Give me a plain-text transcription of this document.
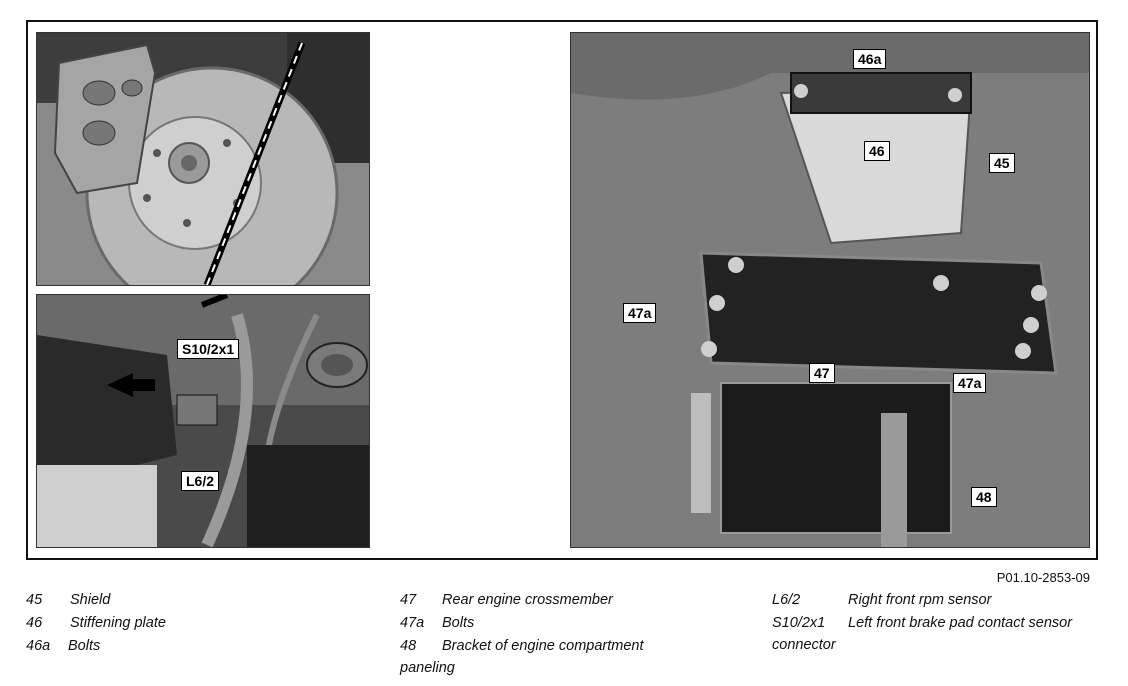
S10/2x1
L6/2
46a
46
45
47a
47
47a
48
P01.10-2853-09
45 Shield
46 Stiffening plate
46a Bolts
47 Rear engine crossmember
47a Bolts
48 Bracket of engine compartment
paneling
L6/2	Right front rpm sensor
S10/2x1 Left front brake pad contact sensor
connector
